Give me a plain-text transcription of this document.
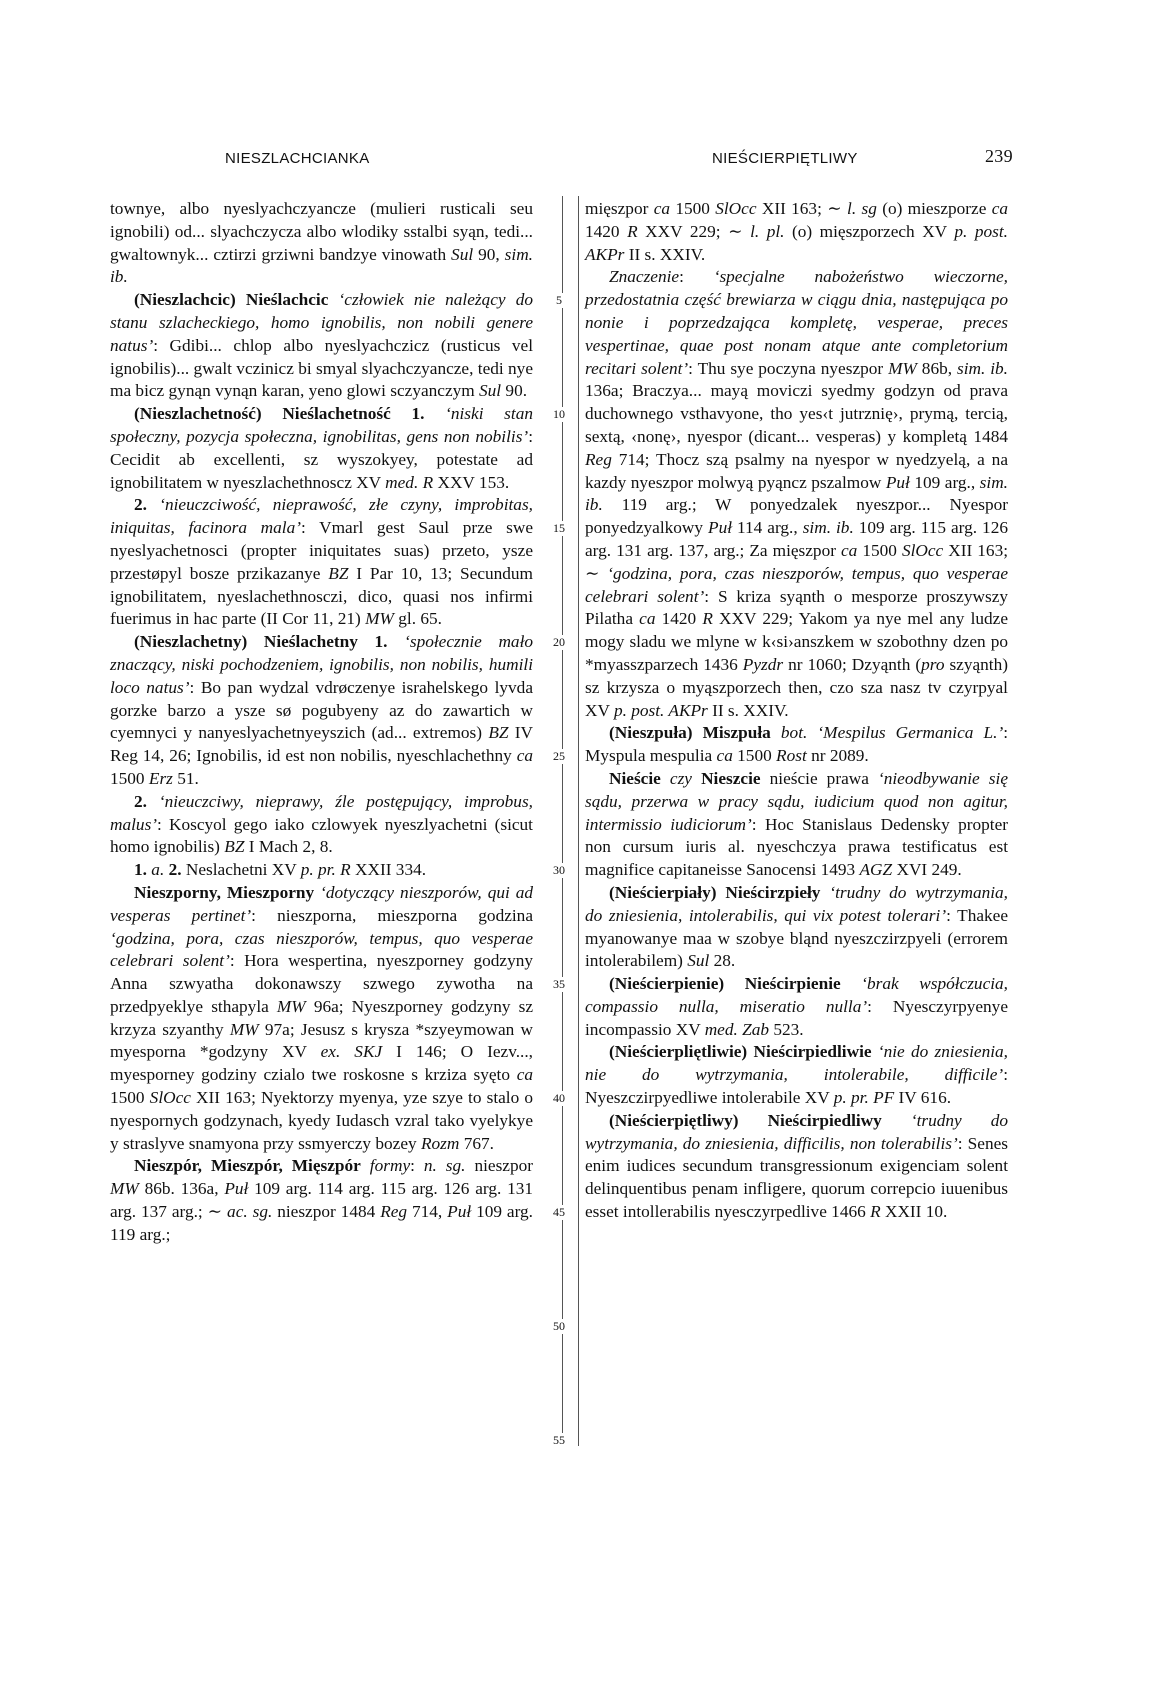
NIESZLACHCIANKA	NIEŚCIERPIĘTLIWY	239

townye, albo nyeslyachczyancze (mulieri rusticali seu ignobili) od... slyachczycza albo wlodiky sstalbi syąn, tedi... gwaltownyk... cztirzi grziwni bandzye vinowath Sul 90, sim. ib.

(Nieszlachcic) Nieślachcic ‘człowiek nie należący do stanu szlacheckiego, homo ignobilis, non nobili genere natus’: Gdibi... chlop albo nyeslyachczicz (rusticus vel ignobilis)... gwalt vczinicz bi smyal slyachczyancze, tedi nye ma bicz gynąn vynąn karan, yeno glowi sczyanczym Sul 90.

(Nieszlachetność) Nieślachetność 1. ‘niski stan społeczny, pozycja społeczna, ignobilitas, gens non nobilis’: Cecidit ab excellenti, sz wyszokyey, potestate ad ignobilitatem w nyeszlachethnoscz XV med. R XXV 153.

2. ‘nieuczciwość, nieprawość, złe czyny, improbitas, iniquitas, facinora mala’: Vmarl gest Saul prze swe nyeslyachetnosci (propter iniquitates suas) przeto, ysze przestøpyl bosze przikazanye BZ I Par 10, 13; Secundum ignobilitatem, nyeslachethnosczi, dico, quasi nos infirmi fuerimus in hac parte (II Cor 11, 21) MW gl. 65.

(Nieszlachetny) Nieślachetny 1. ‘społecznie mało znaczący, niski pochodzeniem, ignobilis, non nobilis, humili loco natus’: Bo pan wydzal vdrøczenye israhelskego lyvda gorzke barzo a ysze sø pogubyeny az do zawartich w cyemnyci y nanyeslyachetnyeyszich (ad... extremos) BZ IV Reg 14, 26; Ignobilis, id est non nobilis, nyeschlachethny ca 1500 Erz 51.

2. ‘nieuczciwy, nieprawy, źle postępujący, improbus, malus’: Koscyol gego iako czlowyek nyeszlyachetni (sicut homo ignobilis) BZ I Mach 2, 8.

1. a. 2. Neslachetni XV p. pr. R XXII 334.

Nieszporny, Mieszporny ‘dotyczący nieszporów, qui ad vesperas pertinet’: nieszporna, mieszporna godzina ‘godzina, pora, czas nieszporów, tempus, quo vesperae celebrari solent’: Hora wespertina, nyeszporney godzyny Anna szwyatha dokonawszy szwego zywotha na przedpyeklye sthapyla MW 96a; Nyeszporney godzyny sz krzyza szyanthy MW 97a; Jesusz s krysza *szyeymowan w myesporna *godzyny XV ex. SKJ I 146; O Iezv..., myesporney godziny czialo twe roskosne s krziza syęto ca 1500 SlOcc XII 163; Nyektorzy myenya, yze szye to stalo o nyespornych godzynach, kyedy Iudasch vzral tako vyelykye y straslyve snamyona przy ssmyerczy bozey Rozm 767.

Nieszpór, Mieszpór, Mięszpór formy: n. sg. nieszpor MW 86b. 136a, Puł 109 arg. 114 arg. 115 arg. 126 arg. 131 arg. 137 arg.; ∼ ac. sg. nieszpor 1484 Reg 714, Puł 109 arg. 119 arg.;

5
10
15
20
25
30
35
40
45
50
55

mięszpor ca 1500 SlOcc XII 163; ∼ l. sg (o) mieszporze ca 1420 R XXV 229; ∼ l. pl. (o) mięszporzech XV p. post. AKPr II s. XXIV.

Znaczenie: ‘specjalne nabożeństwo wieczorne, przedostatnia część brewiarza w ciągu dnia, następująca po nonie i poprzedzająca kompletę, vesperae, preces vespertinae, quae post nonam atque ante completorium recitari solent’: Thu sye poczyna nyeszpor MW 86b, sim. ib. 136a; Braczya... mayą moviczi syedmy godzyn od prava duchownego vsthavyone, tho yes‹t jutrznię›, prymą, tercią, sextą, ‹nonę›, nyespor (dicant... vesperas) y kompletą 1484 Reg 714; Thocz szą psalmy na nyespor w nyedzyelą, a na kazdy nyeszpor molwyą pyąncz pszalmow Puł 109 arg., sim. ib. 119 arg.; W ponyedzalek nyeszpor... Nyespor ponyedzyalkowy Puł 114 arg., sim. ib. 109 arg. 115 arg. 126 arg. 131 arg. 137, arg.; Za mięszpor ca 1500 SlOcc XII 163; ∼ ‘godzina, pora, czas nieszporów, tempus, quo vesperae celebrari solent’: S kriza syąnth o mesporze proszywszy Pilatha ca 1420 R XXV 229; Yakom ya nye mel any ludze mogy sladu we mlyne w k‹si›anszkem w szobothny dzen po *myasszparzech 1436 Pyzdr nr 1060; Dzyąnth (pro szyąnth) sz krzysza o myąszporzech then, czo sza nasz tv czyrpyal XV p. post. AKPr II s. XXIV.

(Nieszpuła) Miszpuła bot. ‘Mespilus Germanica L.’: Myspula mespulia ca 1500 Rost nr 2089.

Nieście czy Nieszcie nieście prawa ‘nieodbywanie się sądu, przerwa w pracy sądu, iudicium quod non agitur, intermissio iudiciorum’: Hoc Stanislaus Dedensky propter non cursum iuris al. nyeschczya prawa testificatus est magnifice capitaneisse Sanocensi 1493 AGZ XVI 249.

(Nieścierpiały) Nieścirzpieły ‘trudny do wytrzymania, do zniesienia, intolerabilis, qui vix potest tolerari’: Thakee myanowanye maa w szobye bląnd nyeszczirzpyeli (errorem intolerabilem) Sul 28.

(Nieścierpienie) Nieścirpienie ‘brak współczucia, compassio nulla, miseratio nulla’: Nyesczyrpyenye incompassio XV med. Zab 523.

(Nieścierpliętliwie) Nieścirpiedliwie ‘nie do zniesienia, nie do wytrzymania, intolerabile, difficile’: Nyeszczirpyedliwe intolerabile XV p. pr. PF IV 616.

(Nieścierpiętliwy) Nieścirpiedliwy ‘trudny do wytrzymania, do zniesienia, difficilis, non tolerabilis’: Senes enim iudices secundum transgressionum exigenciam solent delinquentibus penam infligere, quorum correpcio iuuenibus esset intollerabilis nyesczyrpedlive 1466 R XXII 10.
